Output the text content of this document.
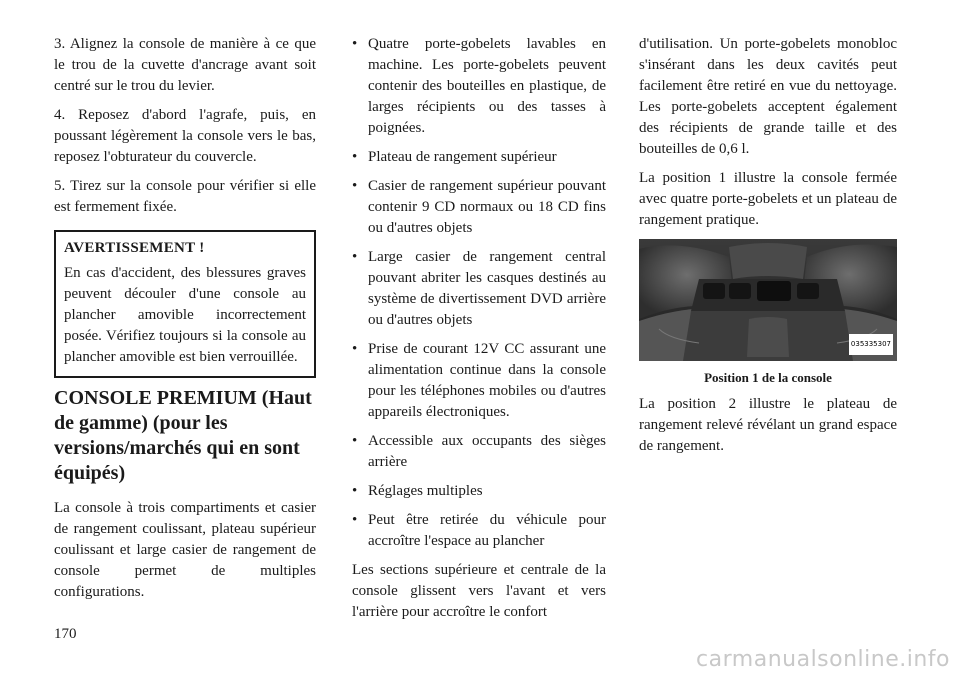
3. Alignez la console de manière à ce que le trou de la cuvette d'ancrage avant soit centré sur le trou du levier.

4. Reposez d'abord l'agrafe, puis, en poussant légèrement la console vers le bas, reposez l'obturateur du couvercle.

5. Tirez sur la console pour vérifier si elle est fermement fixée.

AVERTISSEMENT !

En cas d'accident, des blessures graves peuvent découler d'une console au plancher amovible incorrectement posée. Vérifiez toujours si la console au plancher amovible est bien verrouillée.

CONSOLE PREMIUM (Haut de gamme) (pour les versions/marchés qui en sont équipés)

La console à trois compartiments et casier de rangement coulissant, plateau supérieur coulissant et large casier de rangement de console permet de multiples configurations.

• Quatre porte-gobelets lavables en machine. Les porte-gobelets peuvent contenir des bouteilles en plastique, de larges récipients ou des tasses à poignées.
• Plateau de rangement supérieur
• Casier de rangement supérieur pouvant contenir 9 CD normaux ou 18 CD fins ou d'autres objets
• Large casier de rangement central pouvant abriter les casques destinés au système de divertissement DVD arrière ou d'autres objets
• Prise de courant 12V CC assurant une alimentation continue dans la console pour les téléphones mobiles ou d'autres appareils électroniques.
• Accessible aux occupants des sièges arrière
• Réglages multiples
• Peut être retirée du véhicule pour accroître l'espace au plancher

Les sections supérieure et centrale de la console glissent vers l'avant et vers l'arrière pour accroître le confort

d'utilisation. Un porte-gobelets monobloc s'insérant dans les deux cavités peut facilement être retiré en vue du nettoyage. Les porte-gobelets acceptent également des récipients de grande taille et des bouteilles de 0,6 l.

La position 1 illustre la console fermée avec quatre porte-gobelets et un plateau de rangement pratique.

035335307
Position 1 de la console

La position 2 illustre le plateau de rangement relevé révélant un grand espace de rangement.

170
carmanualsonline.info
